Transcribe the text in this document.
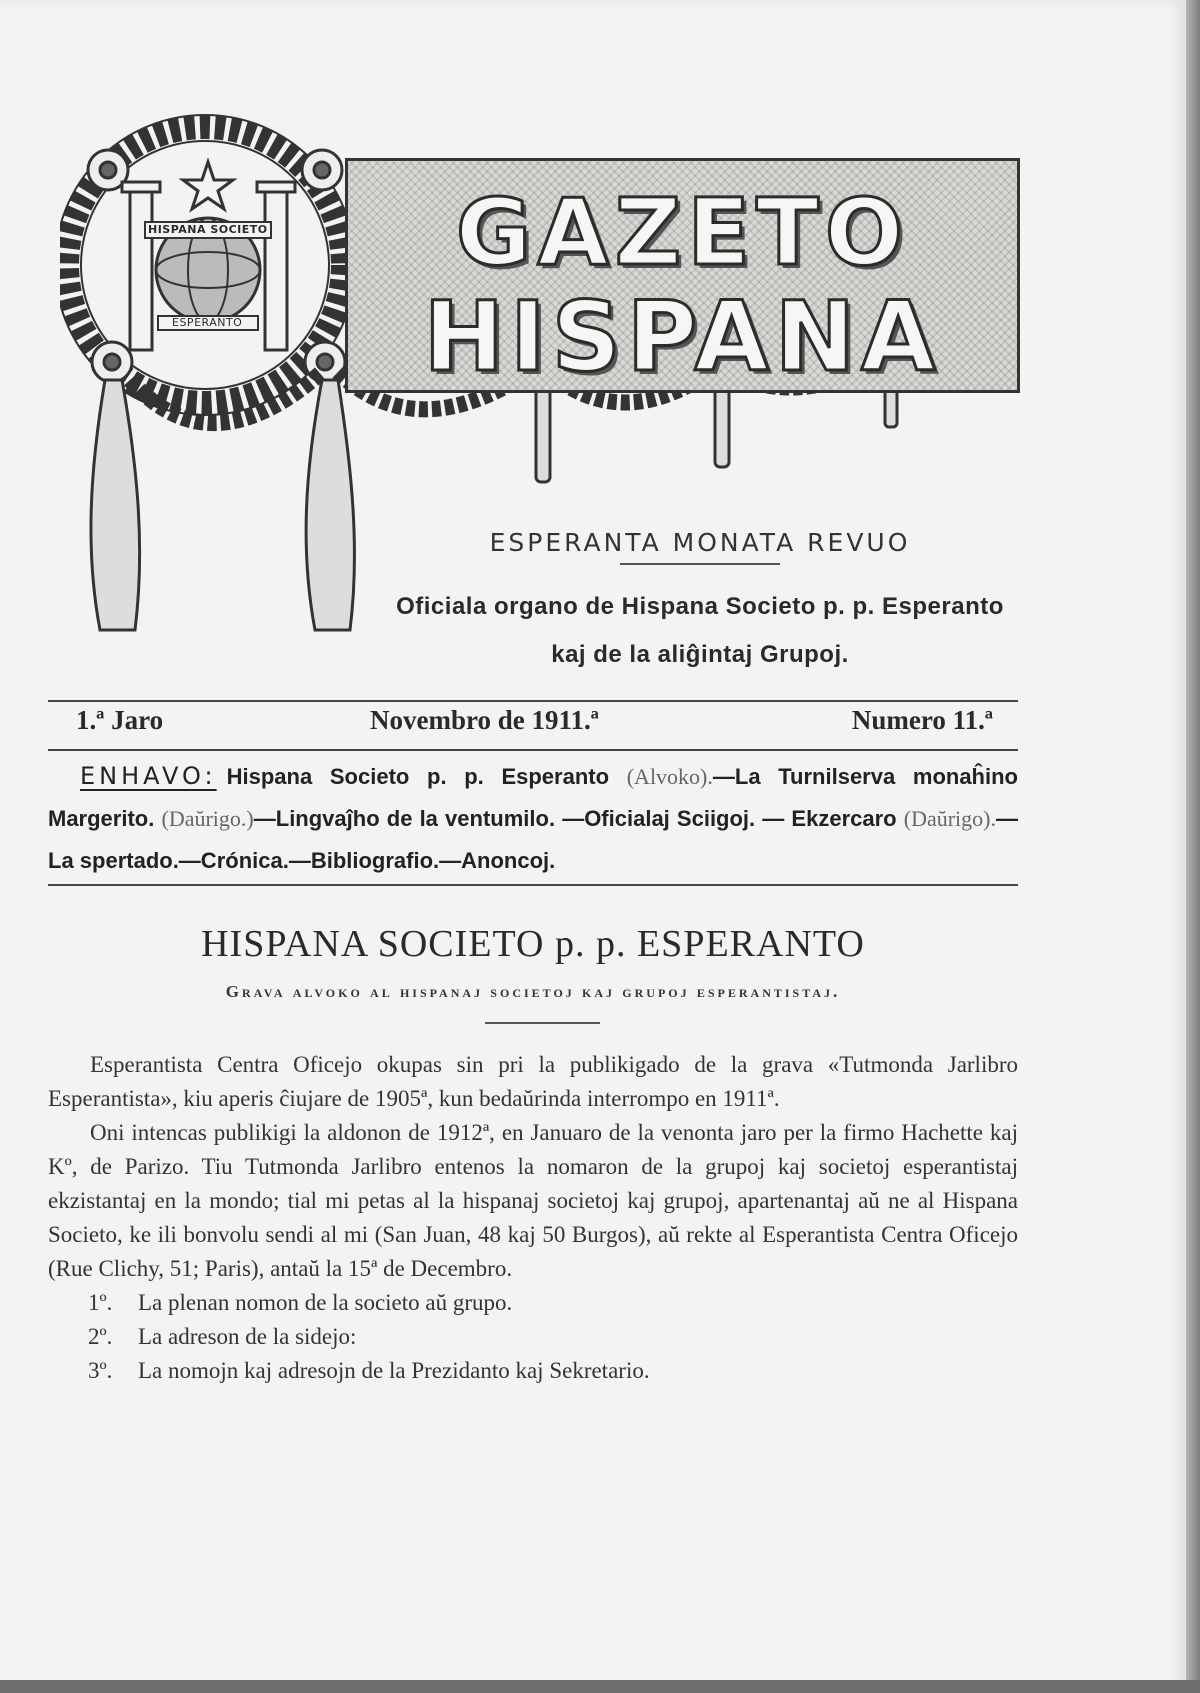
HISPANA SOCIETO
ESPERANTO
GAZETO
HISPANA

ESPERANTA MONATA REVUO

Oficiala organo de Hispana Societo p. p. Esperanto

kaj de la aliĝintaj Grupoj.

1.ª Jaro	Novembro de 1911.ª	Numero 11.ª
ENHAVO: Hispana Societo p. p. Esperanto (Alvoko).—La Turnilservа monaĥino Margerito. (Daŭrigo.)—Lingvaĵho de la ventumilo. —Oficialaj Sciigoj. — Ekzercaro (Daŭrigo).—La spertado.—Crónica.—Bibliografio.—Anoncoj.
HISPANA SOCIETO p. p. ESPERANTO
Grava alvoko al hispanaj societoj kaj grupoj esperantistaj.

Esperantista Centra Oficejo okupas sin pri la publikigado de la grava «Tutmonda Jarlibro Esperantista», kiu aperis ĉiujare de 1905ª, kun bedaŭrinda interrompo en 1911ª.

Oni intencas publikigi la aldonon de 1912ª, en Januaro de la venonta jaro per la firmo Hachette kaj Kº, de Parizo. Tiu Tutmonda Jarlibro entenos la nomaron de la grupoj kaj societoj esperantistaj ekzistantaj en la mondo; tial mi petas al la hispanaj societoj kaj grupoj, apartenantaj aŭ ne al Hispana Societo, ke ili bonvolu sendi al mi (San Juan, 48 kaj 50 Burgos), aŭ rekte al Esperantista Centra Oficejo (Rue Clichy, 51; Paris), antaŭ la 15ª de Decembro.

1º. La plenan nomon de la societo aŭ grupo.
2º. La adreson de la sidejo:
3º. La nomojn kaj adresojn de la Prezidanto kaj Sekretario.
